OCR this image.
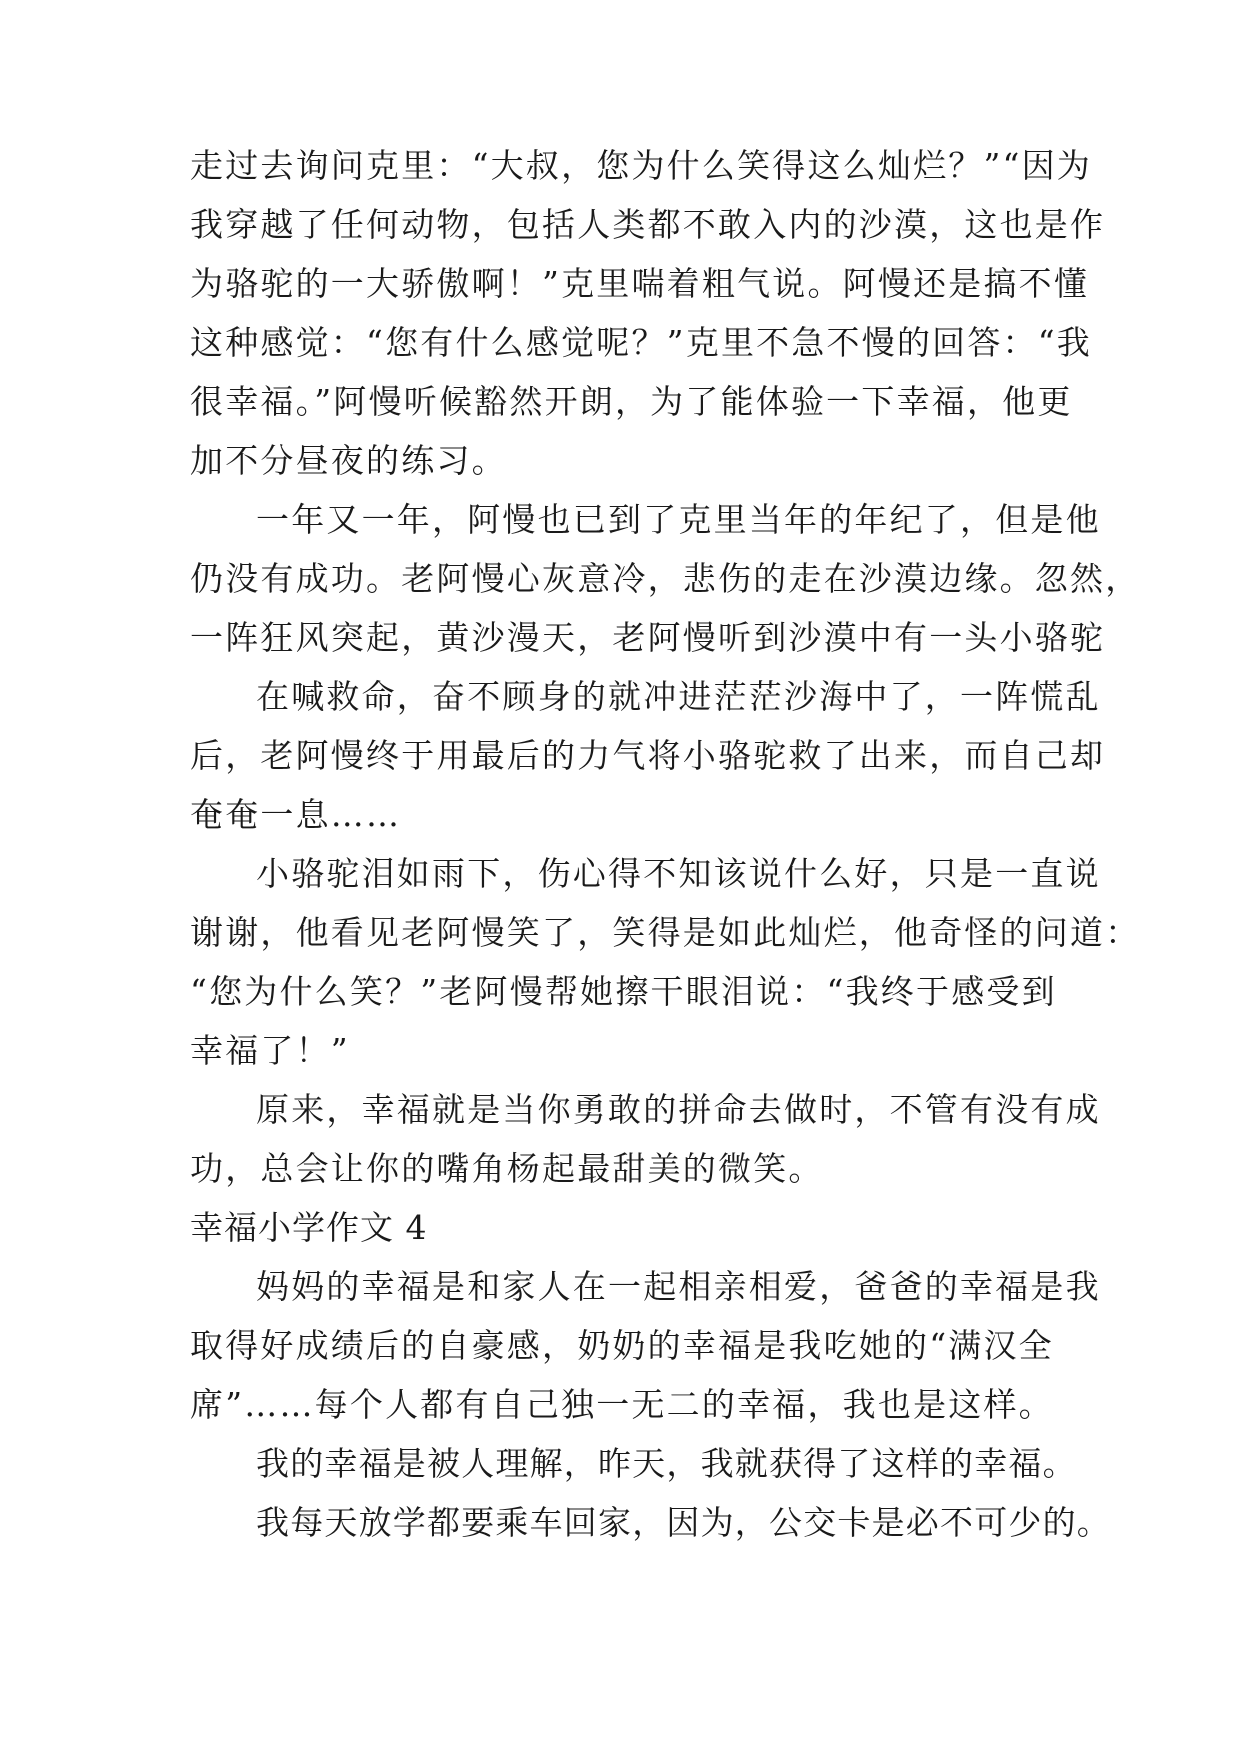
走过去询问克里：“大叔，您为什么笑得这么灿烂？”“因为
我穿越了任何动物，包括人类都不敢入内的沙漠，这也是作
为骆驼的一大骄傲啊！”克里喘着粗气说。阿慢还是搞不懂
这种感觉：“您有什么感觉呢？”克里不急不慢的回答：“我
很幸福。”阿慢听候豁然开朗，为了能体验一下幸福，他更
加不分昼夜的练习。
一年又一年，阿慢也已到了克里当年的年纪了，但是他
仍没有成功。老阿慢心灰意冷，悲伤的走在沙漠边缘。忽然，
一阵狂风突起，黄沙漫天，老阿慢听到沙漠中有一头小骆驼
在喊救命，奋不顾身的就冲进茫茫沙海中了，一阵慌乱
后，老阿慢终于用最后的力气将小骆驼救了出来，而自己却
奄奄一息……
小骆驼泪如雨下，伤心得不知该说什么好，只是一直说
谢谢，他看见老阿慢笑了，笑得是如此灿烂，他奇怪的问道：
“您为什么笑？”老阿慢帮她擦干眼泪说：“我终于感受到
幸福了！”
原来，幸福就是当你勇敢的拼命去做时，不管有没有成
功，总会让你的嘴角杨起最甜美的微笑。
幸福小学作文 4
妈妈的幸福是和家人在一起相亲相爱，爸爸的幸福是我
取得好成绩后的自豪感，奶奶的幸福是我吃她的“满汉全
席”……每个人都有自己独一无二的幸福，我也是这样。
我的幸福是被人理解，昨天，我就获得了这样的幸福。
我每天放学都要乘车回家，因为，公交卡是必不可少的。
